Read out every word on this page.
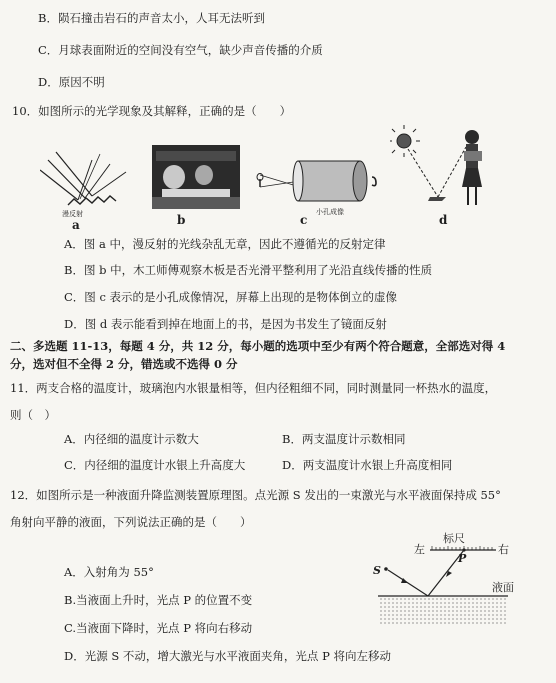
B．陨石撞击岩石的声音太小，人耳无法听到
C．月球表面附近的空间没有空气，缺少声音传播的介质
D．原因不明
10．如图所示的光学现象及其解释，正确的是（　　）
漫反射
a	b
小孔成像
c	d
A．图 a 中，漫反射的光线杂乱无章，因此不遵循光的反射定律
B．图 b 中，木工师傅观察木板是否光滑平整利用了光沿直线传播的性质
C．图 c 表示的是小孔成像情况，屏幕上出现的是物体倒立的虚像
D．图 d 表示能看到掉在地面上的书，是因为书发生了镜面反射
二、多选题 11-13，每题 4 分，共 12 分，每小题的选项中至少有两个符合题意，全部选对得 4
分，选对但不全得 2 分，错选或不选得 0 分
11．两支合格的温度计，玻璃泡内水银量相等，但内径粗细不同，同时测量同一杯热水的温度，
则（　）
A．内径细的温度计示数大	B．两支温度计示数相同
C．内径细的温度计水银上升高度大	D．两支温度计水银上升高度相同
12．如图所示是一种液面升降监测装置原理图。点光源 S 发出的一束激光与水平液面保持成 55°
角射向平静的液面，下列说法正确的是（　　）
标尺
左	右
S
P
液面
A．入射角为 55°
B.当液面上升时，光点 P 的位置不变
C.当液面下降时，光点 P 将向右移动
D．光源 S 不动，增大激光与水平液面夹角，光点 P 将向左移动
